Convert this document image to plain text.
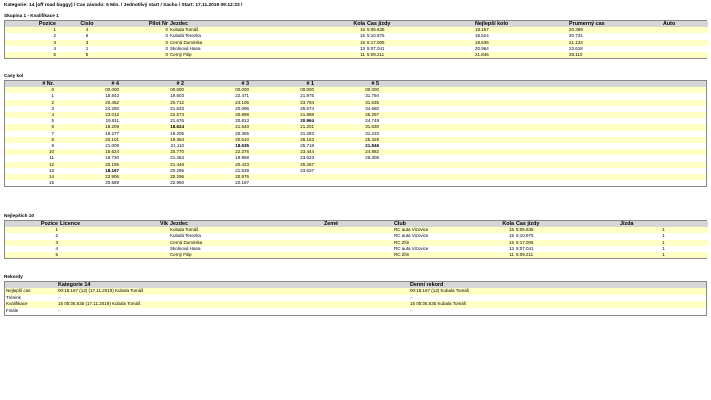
Kategorie: 14 [off road buggy] / Cas závodu: 5 Min. / Jednotlivý start / Sachu / Start: 17.11.2019 09:12:23 /
Skupina 1 - Kvalifikace 1
Pozice	Cislo	Pilot Nr	Jezdec	Kola	Cas jízdy	Nejlepší kolo	Prumerný cas	Auto
1	4	0	Kubala Tomáš	15	5:05.635	18.167	20.389	
2	6	0	Kubalá Terezka	15	5:10.975	18.624	20.731	
3	3	0	Cerná Dominika	15	5:17.005	18.635	21.133	
4	1	0	Skolnová Hana	13	5:07.041	20.964	23.618	
5	5	0	Cerný Filip	11	5:09.211	21.846	28.110	
Casy kol
# Nr.	# 4	# 2	# 3	# 1	# 5	
0	00.000	00.000	00.000	00.000	00.000	
1	18.843	19.603	22.471	21.975	31.794	
2	20.452	20.712	24.106	23.794	31.635	
3	24.250	21.633	20.096	26.674	34.660	
4	23.012	22.573	20.898	21.888	25.297	
5	19.911	21.676	20.813	20.964	24.749	
6	18.209	18.624	21.540	21.201	31.630	
7	19.277	19.205	20.365	21.283	31.233	
8	20.101	19.364	20.510	26.163	25.329	
9	21.009	21.110	18.635	25.718	21.846	
10	18.624	20.770	22.376	23.444	24.882	
11	18.730	21.454	19.968	23.623	26.306	
12	20.195	21.448	20.423	25.267		
13	18.167	20.296	21.539	23.637		
14	22.906	20.296	20.976			
15	20.589	22.960	22.187			
Nejlepších 10
Pozice	Licence	Vik	Jezdec	Zemé	Club	Kola	Cas jízdy	Jízda
1			Kubala Tomáš		RC auta Vizovice	15	5:05.635	1
2			Kubalá Terezka		RC auta Vizovice	15	5:10.975	1
3			Cerná Dominika		RC Zlín	15	5:17.005	1
4			Skolnová Hana		RC auta Vizovice	13	5:07.041	1
5			Cerný Filip		RC Zlín	11	5:09.211	1
Rekordy
	Kategorie 14	Denní rekord
Nejlepší cas	00:18.167 (13) (17.11.2019) Kubala Tomáš	00:18.167 (13) Kubala Tomáš
Trénink	-	-
Kvalifikace	15 05:05.635 (17.11.2019) Kubala Tomáš	15 05:05.635 Kubala Tomáš
Finále	-	-
